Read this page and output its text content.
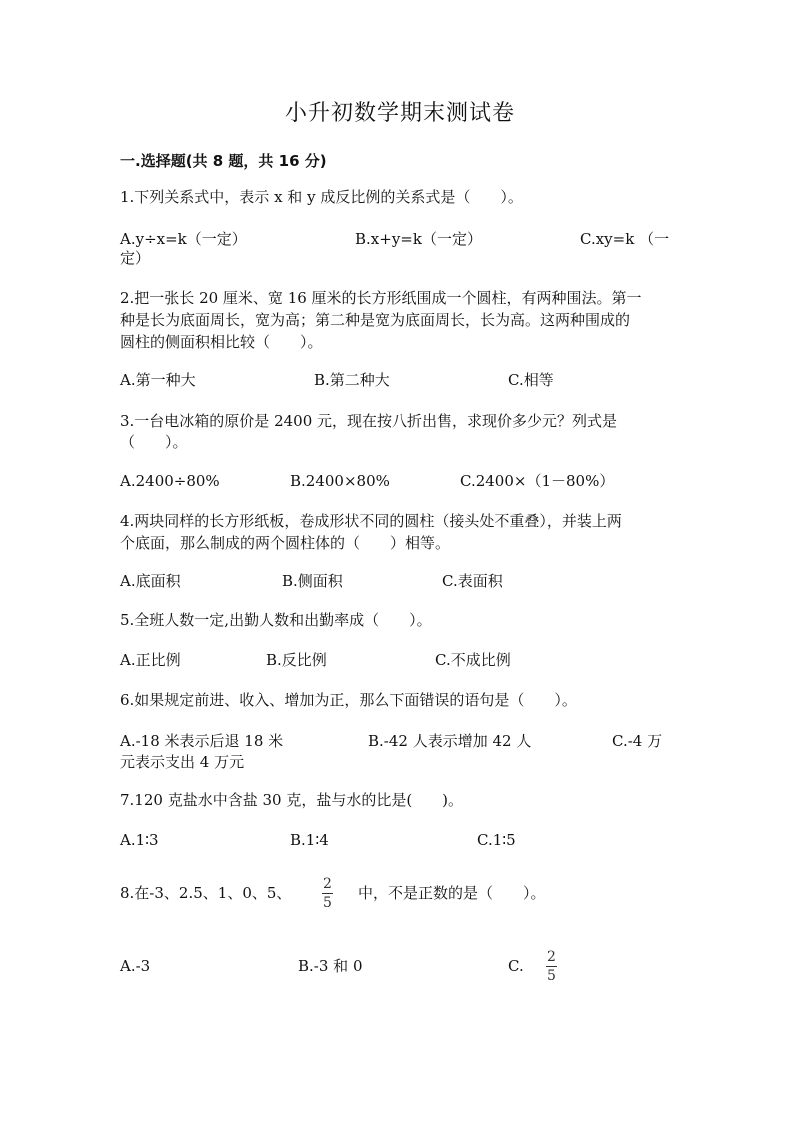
小升初数学期末测试卷
一.选择题(共 8 题，共 16 分)
1.下列关系式中，表示 x 和 y 成反比例的关系式是（　　）。
A.y÷x=k（一定）	B.x+y=k（一定）	C.xy=k （一
定）
2.把一张长 20 厘米、宽 16 厘米的长方形纸围成一个圆柱，有两种围法。第一
种是长为底面周长，宽为高；第二种是宽为底面周长，长为高。这两种围成的
圆柱的侧面积相比较（　　）。
A.第一种大	B.第二种大	C.相等
3.一台电冰箱的原价是 2400 元，现在按八折出售，求现价多少元？列式是
（　　）。
A.2400÷80%	B.2400×80%	C.2400×（1－80%）
4.两块同样的长方形纸板，卷成形状不同的圆柱（接头处不重叠），并装上两
个底面，那么制成的两个圆柱体的（　　）相等。
A.底面积	B.侧面积	C.表面积
5.全班人数一定,出勤人数和出勤率成（　　）。
A.正比例	B.反比例	C.不成比例
6.如果规定前进、收入、增加为正，那么下面错误的语句是（　　）。
A.-18 米表示后退 18 米	B.-42 人表示增加 42 人	C.-4 万
元表示支出 4 万元
7.120 克盐水中含盐 30 克，盐与水的比是(　　)。
A.1∶3	B.1∶4	C.1∶5
8.在-3、2.5、1、0、5、 2
5
中，不是正数的是（　　）。
A.-3	B.-3 和 0	C. 2
5
